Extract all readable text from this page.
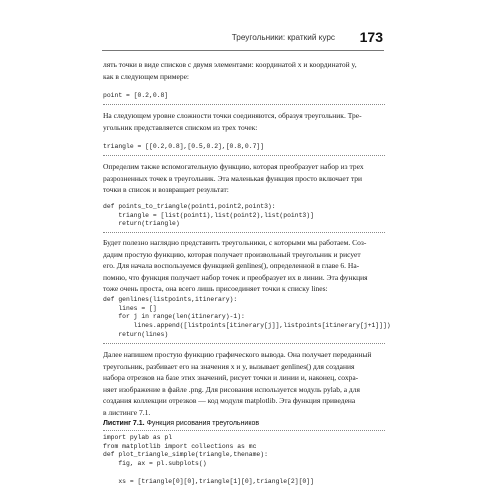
Треугольники: краткий курс 173
лять точки в виде списков с двумя элементами: координатой x и координатой y,
как в следующем примере:
point = [0.2,0.8]
На следующем уровне сложности точки соединяются, образуя треугольник. Тре-
угольник представляется списком из трех точек:
triangle = [[0.2,0.8],[0.5,0.2],[0.8,0.7]]
Определим также вспомогательную функцию, которая преобразует набор из трех
разрозненных точек в треугольник. Эта маленькая функция просто включает три
точки в список и возвращает результат:
def points_to_triangle(point1,point2,point3):
triangle = [list(point1),list(point2),list(point3)]
return(triangle)
Будет полезно наглядно представить треугольники, с которыми мы работаем. Соз-
дадим простую функцию, которая получает произвольный треугольник и рисует
его. Для начала воспользуемся функцией genlines(), определенной в главе 6. На-
помню, что функция получает набор точек и преобразует их в линии. Эта функция
тоже очень проста, она всего лишь присоединяет точки к списку lines:
def genlines(listpoints,itinerary):
lines = []
for j in range(len(itinerary)-1):
lines.append([listpoints[itinerary[j]],listpoints[itinerary[j+1]]])
return(lines)
Далее напишем простую функцию графического вывода. Она получает переданный
треугольник, разбивает его на значения x и y, вызывает genlines() для создания
набора отрезков на базе этих значений, рисует точки и линии и, наконец, сохра-
няет изображение в файле .png. Для рисования используется модуль pylab, а для
создания коллекции отрезков — код модуля matplotlib. Эта функция приведена
в листинге 7.1.
Листинг 7.1. Функция рисования треугольников
import pylab as pl
from matplotlib import collections as mc
def plot_triangle_simple(triangle,thename):
fig, ax = pl.subplots()

xs = [triangle[0][0],triangle[1][0],triangle[2][0]]
